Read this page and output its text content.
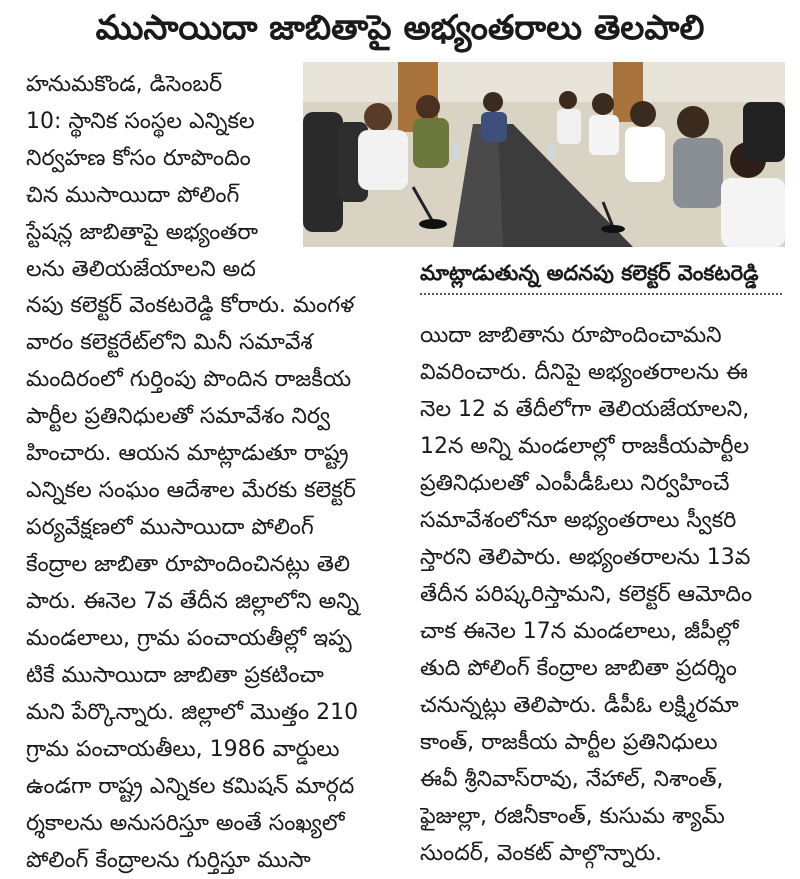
ముసాయిదా జాబితాపై అభ్యంతరాలు తెలపాలి
మాట్లాడుతున్న అదనపు కలెక్టర్ వెంకటరెడ్డి
హనుమకొండ, డిసెంబర్
10: స్థానిక సంస్థల ఎన్నికల
నిర్వహణ కోసం రూపొందిం
చిన ముసాయిదా పోలింగ్
స్టేషన్ల జాబితాపై అభ్యంతరా
లను తెలియజేయాలని అద
నపు కలెక్టర్ వెంకటరెడ్డి కోరారు. మంగళ
వారం కలెక్టరేట్‌లోని మినీ సమావేశ
మందిరంలో గుర్తింపు పొందిన రాజకీయ
పార్టీల ప్రతినిధులతో సమావేశం నిర్వ
హించారు. ఆయన మాట్లాడుతూ రాష్ట్ర
ఎన్నికల సంఘం ఆదేశాల మేరకు కలెక్టర్
పర్యవేక్షణలో ముసాయిదా పోలింగ్
కేంద్రాల జాబితా రూపొందించినట్లు తెలి
పారు. ఈనెల 7వ తేదీన జిల్లాలోని అన్ని
మండలాలు, గ్రామ పంచాయతీల్లో ఇప్ప
టికే ముసాయిదా జాబితా ప్రకటించా
మని పేర్కొన్నారు. జిల్లాలో మొత్తం 210
గ్రామ పంచాయతీలు, 1986 వార్డులు
ఉండగా రాష్ట్ర ఎన్నికల కమిషన్ మార్గద
ర్శకాలను అనుసరిస్తూ అంతే సంఖ్యలో
పోలింగ్ కేంద్రాలను గుర్తిస్తూ ముసా
యిదా జాబితాను రూపొందించామని
వివరించారు. దీనిపై అభ్యంతరాలను ఈ
నెల 12 వ తేదీలోగా తెలియజేయాలని,
12న అన్ని మండలాల్లో రాజకీయపార్టీల
ప్రతినిధులతో ఎంపీడీఓలు నిర్వహించే
సమావేశంలోనూ అభ్యంతరాలు స్వీకరి
స్తారని తెలిపారు. అభ్యంతరాలను 13వ
తేదీన పరిష్కరిస్తామని, కలెక్టర్ ఆమోదిం
చాక ఈనెల 17న మండలాలు, జీపీల్లో
తుది పోలింగ్ కేంద్రాల జాబితా ప్రదర్శిం
చనున్నట్లు తెలిపారు. డీపీఓ లక్ష్మిరమా
కాంత్, రాజకీయ పార్టీల ప్రతినిధులు
ఈవీ శ్రీనివాస్‌రావు, నేహాల్, నిశాంత్,
ఫైజుల్లా, రజినీకాంత్, కుసుమ శ్యామ్
సుందర్, వెంకట్ పాల్గొన్నారు.
